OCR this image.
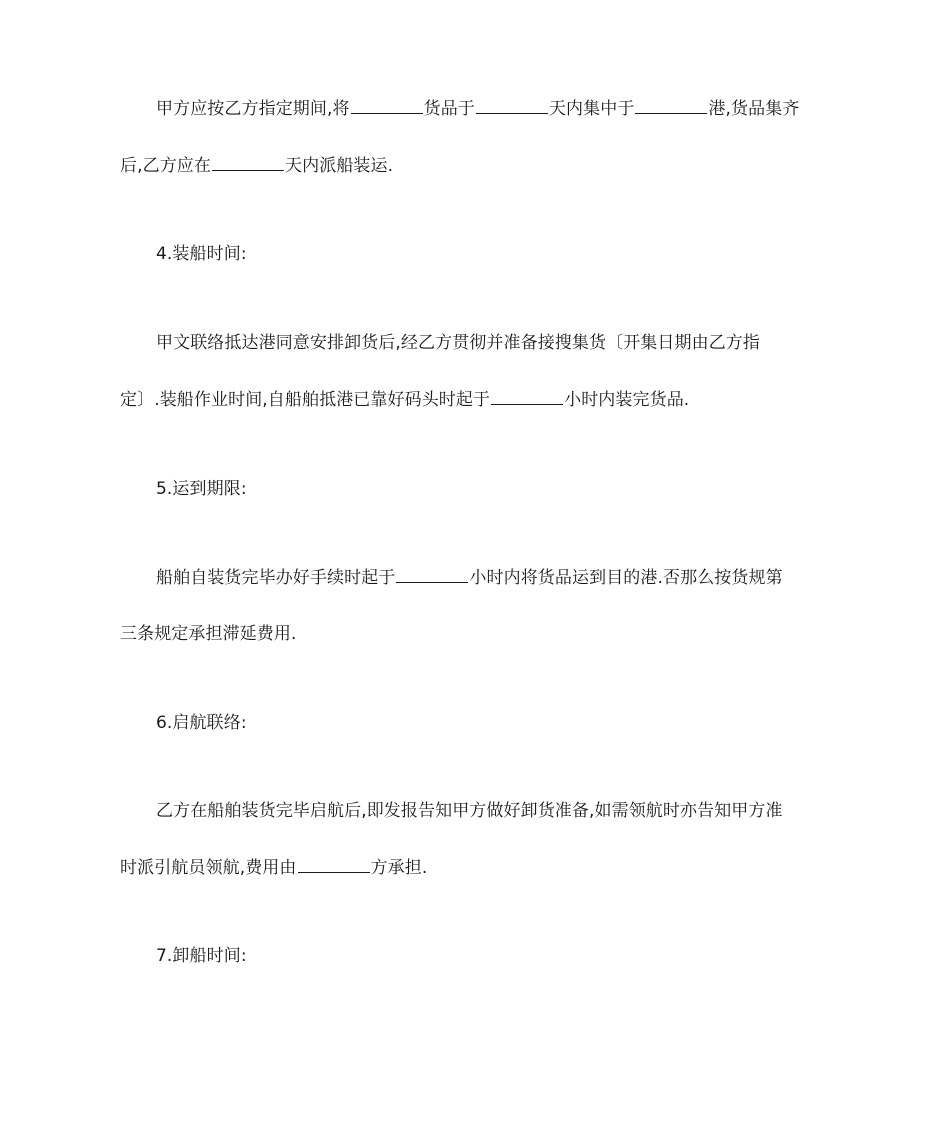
甲方应按乙方指定期间,将	货品于	天内集中于	港,货品集齐
后,乙方应在	天内派船装运.
4.装船时间:
甲文联络抵达港同意安排卸货后,经乙方贯彻并准备接搜集货〔开集日期由乙方指
定〕.装船作业时间,自船舶抵港已靠好码头时起于	小时内装完货品.
5.运到期限:
船舶自装货完毕办好手续时起于	小时内将货品运到目的港.否那么按货规第
三条规定承担滞延费用.
6.启航联络:
乙方在船舶装货完毕启航后,即发报告知甲方做好卸货准备,如需领航时亦告知甲方准
时派引航员领航,费用由	方承担.
7.卸船时间:
